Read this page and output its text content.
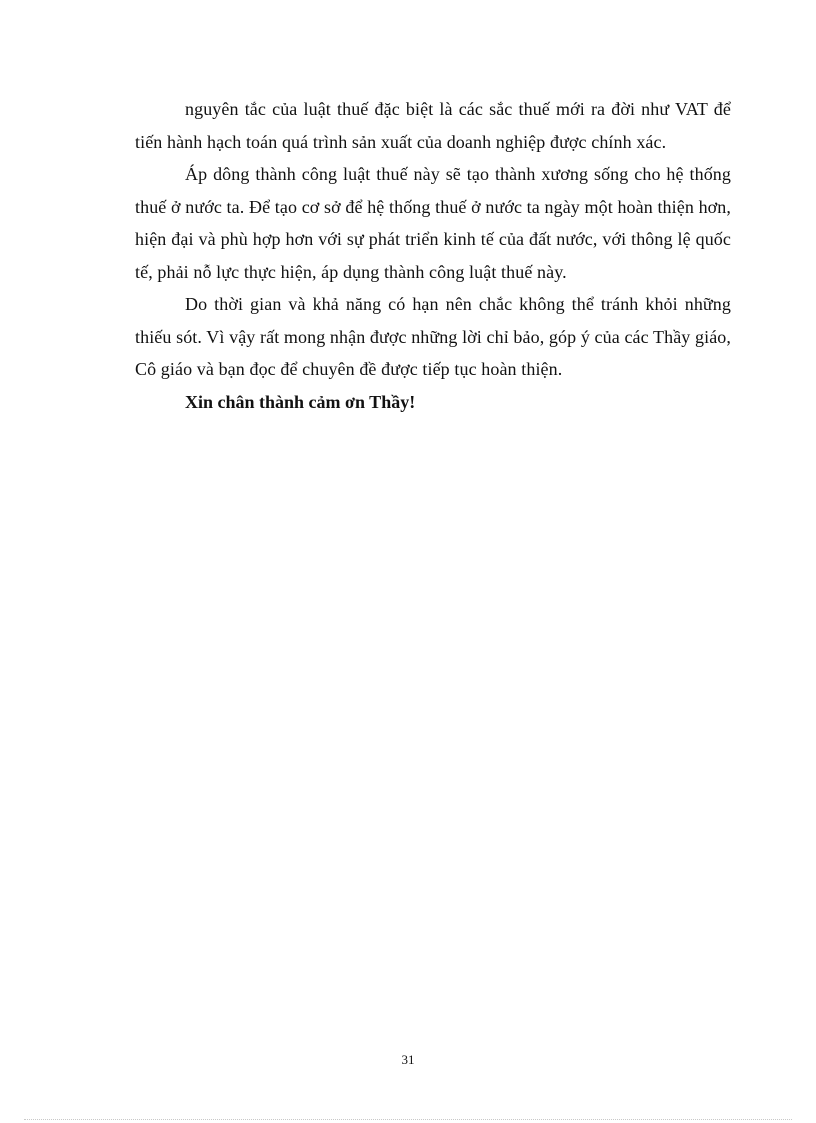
nguyên tắc của luật thuế đặc biệt là các sắc thuế mới ra đời như VAT để tiến hành hạch toán quá trình sản xuất của doanh nghiệp được chính xác.

Áp dông thành công luật thuế này sẽ tạo thành xương sống cho hệ thống thuế ở nước ta. Để tạo cơ sở để hệ thống thuế ở nước ta ngày một hoàn thiện hơn, hiện đại và phù hợp hơn với sự phát triển kinh tế của đất nước, với thông lệ quốc tế, phải nỗ lực thực hiện, áp dụng thành công luật thuế này.

Do thời gian và khả năng có hạn nên chắc không thể tránh khỏi những thiếu sót. Vì vậy rất mong nhận được những lời chỉ bảo, góp ý của các Thầy giáo, Cô giáo và bạn đọc để chuyên đề được tiếp tục hoàn thiện.

Xin chân thành cảm ơn Thầy!

31
